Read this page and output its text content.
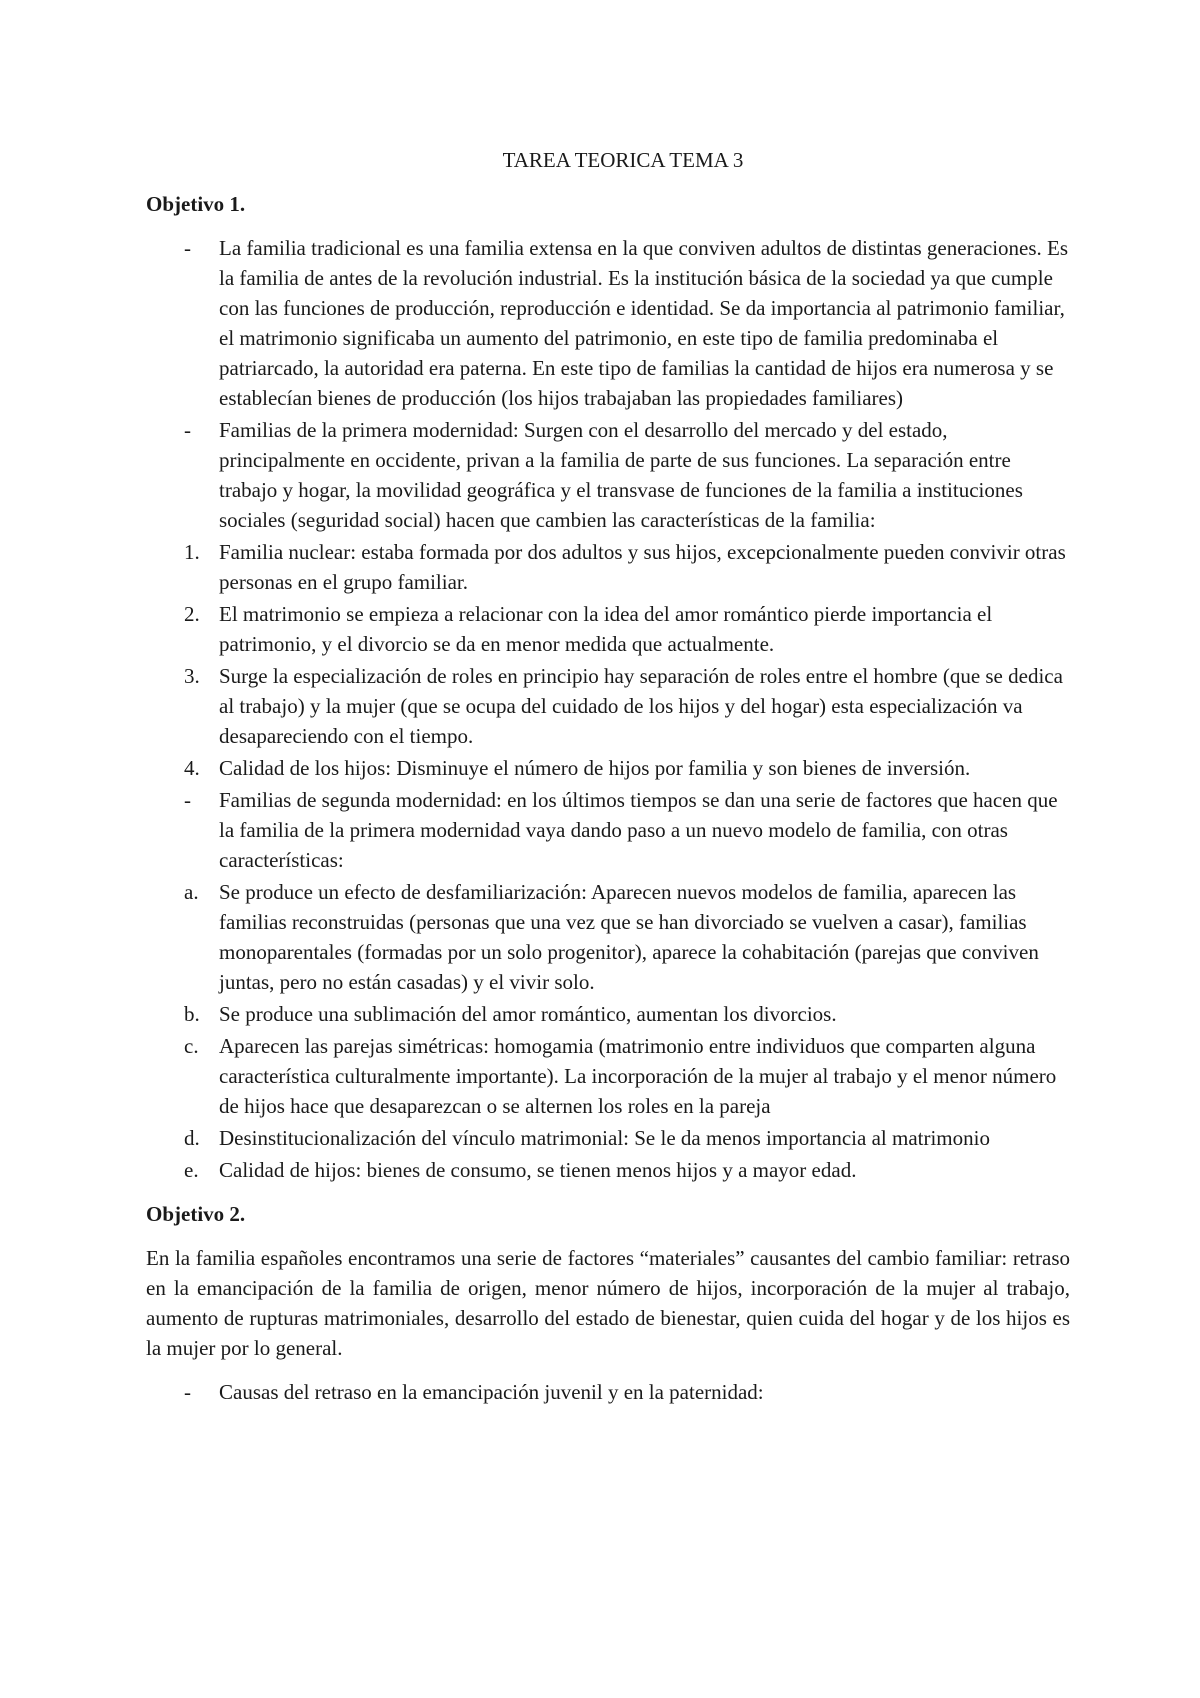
TAREA TEORICA TEMA 3
Objetivo 1.
-	La familia tradicional es una familia extensa en la que conviven adultos de distintas generaciones. Es la familia de antes de la revolución industrial. Es la institución básica de la sociedad ya que cumple con las funciones de producción, reproducción e identidad. Se da importancia al patrimonio familiar, el matrimonio significaba un aumento del patrimonio, en este tipo de familia predominaba el patriarcado, la autoridad era paterna. En este tipo de familias la cantidad de hijos era numerosa y se establecían bienes de producción (los hijos trabajaban las propiedades familiares)
-	Familias de la primera modernidad: Surgen con el desarrollo del mercado y del estado, principalmente en occidente, privan a la familia de parte de sus funciones. La separación entre trabajo y hogar, la movilidad geográfica y el transvase de funciones de la familia a instituciones sociales (seguridad social) hacen que cambien las características de la familia:
1. Familia nuclear: estaba formada por dos adultos y sus hijos, excepcionalmente pueden convivir otras personas en el grupo familiar.
2. El matrimonio se empieza a relacionar con la idea del amor romántico pierde importancia el patrimonio, y el divorcio se da en menor medida que actualmente.
3. Surge la especialización de roles en principio hay separación de roles entre el hombre (que se dedica al trabajo) y la mujer (que se ocupa del cuidado de los hijos y del hogar) esta especialización va desapareciendo con el tiempo.
4. Calidad de los hijos: Disminuye el número de hijos por familia y son bienes de inversión.
-	Familias de segunda modernidad: en los últimos tiempos se dan una serie de factores que hacen que la familia de la primera modernidad vaya dando paso a un nuevo modelo de familia, con otras características:
a. Se produce un efecto de desfamiliarización: Aparecen nuevos modelos de familia, aparecen las familias reconstruidas (personas que una vez que se han divorciado se vuelven a casar), familias monoparentales (formadas por un solo progenitor), aparece la cohabitación (parejas que conviven juntas, pero no están casadas) y el vivir solo.
b. Se produce una sublimación del amor romántico, aumentan los divorcios.
c. Aparecen las parejas simétricas: homogamia (matrimonio entre individuos que comparten alguna característica culturalmente importante). La incorporación de la mujer al trabajo y el menor número de hijos hace que desaparezcan o se alternen los roles en la pareja
d. Desinstitucionalización del vínculo matrimonial: Se le da menos importancia al matrimonio
e. Calidad de hijos: bienes de consumo, se tienen menos hijos y a mayor edad.
Objetivo 2.
En la familia españoles encontramos una serie de factores “materiales” causantes del cambio familiar: retraso en la emancipación de la familia de origen, menor número de hijos, incorporación de la mujer al trabajo, aumento de rupturas matrimoniales, desarrollo del estado de bienestar, quien cuida del hogar y de los hijos es la mujer por lo general.
-	Causas del retraso en la emancipación juvenil y en la paternidad:
